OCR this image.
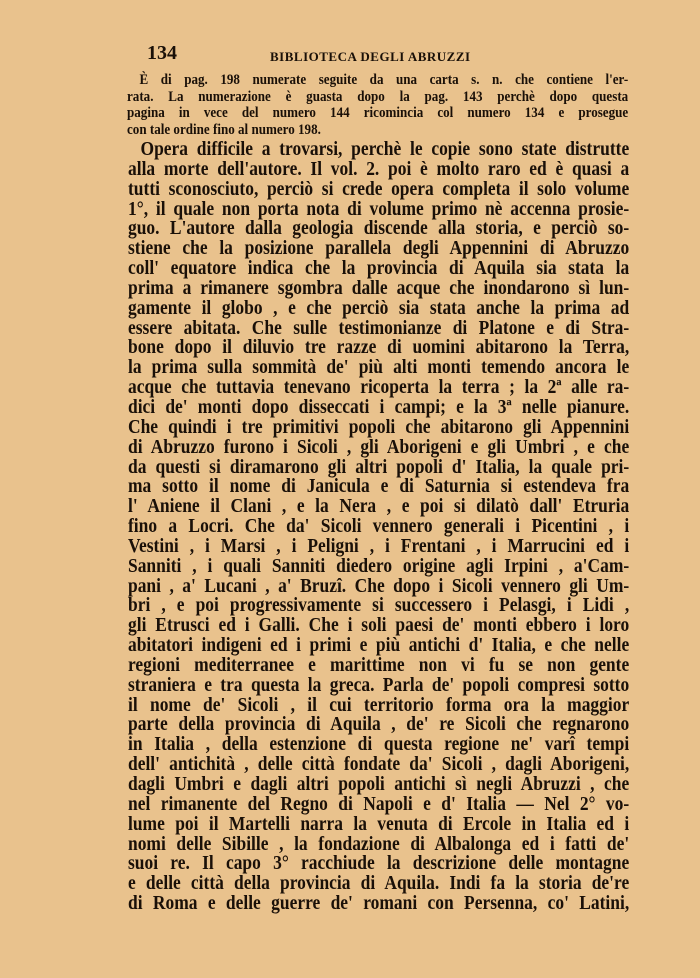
134	BIBLIOTECA DEGLI ABRUZZI
È di pag. 198 numerate seguite da una carta s. n. che contiene l'er-
rata. La numerazione è guasta dopo la pag. 143 perchè dopo questa
pagina in vece del numero 144 ricomincia col numero 134 e prosegue
con tale ordine fino al numero 198.
Opera difficile a trovarsi, perchè le copie sono state distrutte
alla morte dell'autore. Il vol. 2. poi è molto raro ed è quasi a
tutti sconosciuto, perciò si crede opera completa il solo volume
1°, il quale non porta nota di volume primo nè accenna prosie-
guo. L'autore dalla geologia discende alla storia, e perciò so-
stiene che la posizione parallela degli Appennini di Abruzzo
coll' equatore indica che la provincia di Aquila sia stata la
prima a rimanere sgombra dalle acque che inondarono sì lun-
gamente il globo , e che perciò sia stata anche la prima ad
essere abitata. Che sulle testimonianze di Platone e di Stra-
bone dopo il diluvio tre razze di uomini abitarono la Terra,
la prima sulla sommità de' più alti monti temendo ancora le
acque che tuttavia tenevano ricoperta la terra ; la 2ª alle ra-
dici de' monti dopo disseccati i campi; e la 3ª nelle pianure.
Che quindi i tre primitivi popoli che abitarono gli Appennini
di Abruzzo furono i Sicoli , gli Aborigeni e gli Umbri , e che
da questi si diramarono gli altri popoli d' Italia, la quale pri-
ma sotto il nome di Janicula e di Saturnia si estendeva fra
l' Aniene il Clani , e la Nera , e poi si dilatò dall' Etruria
fino a Locri. Che da' Sicoli vennero generali i Picentini , i
Vestini , i Marsi , i Peligni , i Frentani , i Marrucini ed i
Sanniti , i quali Sanniti diedero origine agli Irpini , a'Cam-
pani , a' Lucani , a' Bruzî. Che dopo i Sicoli vennero gli Um-
bri , e poi progressivamente si successero i Pelasgi, i Lidi ,
gli Etrusci ed i Galli. Che i soli paesi de' monti ebbero i loro
abitatori indigeni ed i primi e più antichi d' Italia, e che nelle
regioni mediterranee e marittime non vi fu se non gente
straniera e tra questa la greca. Parla de' popoli compresi sotto
il nome de' Sicoli , il cui territorio forma ora la maggior
parte della provincia di Aquila , de' re Sicoli che regnarono
in Italia , della estenzione di questa regione ne' varî tempi
dell' antichità , delle città fondate da' Sicoli , dagli Aborigeni,
dagli Umbri e dagli altri popoli antichi sì negli Abruzzi , che
nel rimanente del Regno di Napoli e d' Italia — Nel 2° vo-
lume poi il Martelli narra la venuta di Ercole in Italia ed i
nomi delle Sibille , la fondazione di Albalonga ed i fatti de'
suoi re. Il capo 3° racchiude la descrizione delle montagne
e delle città della provincia di Aquila. Indi fa la storia de're
di Roma e delle guerre de' romani con Persenna, co' Latini,
